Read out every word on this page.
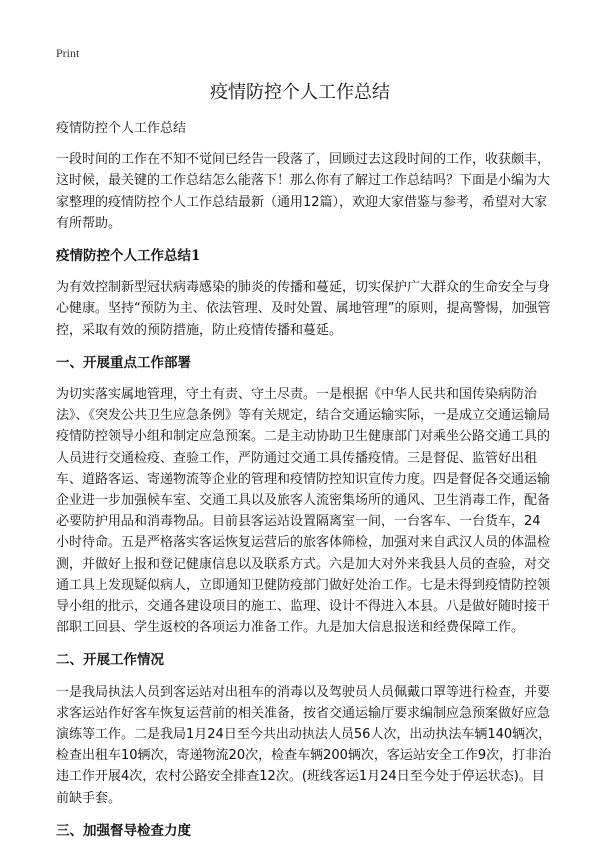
Print
疫情防控个人工作总结

疫情防控个人工作总结

一段时间的工作在不知不觉间已经告一段落了，回顾过去这段时间的工作，收获颇丰，这时候，最关键的工作总结怎么能落下！那么你有了解过工作总结吗？下面是小编为大家整理的疫情防控个人工作总结最新（通用12篇），欢迎大家借鉴与参考，希望对大家有所帮助。

疫情防控个人工作总结1

为有效控制新型冠状病毒感染的肺炎的传播和蔓延，切实保护广大群众的生命安全与身心健康。坚持“预防为主、依法管理、及时处置、属地管理”的原则，提高警惕，加强管控，采取有效的预防措施，防止疫情传播和蔓延。

一、开展重点工作部署

为切实落实属地管理，守土有责、守土尽责。一是根据《中华人民共和国传染病防治法》、《突发公共卫生应急条例》等有关规定，结合交通运输实际，一是成立交通运输局疫情防控领导小组和制定应急预案。二是主动协助卫生健康部门对乘坐公路交通工具的人员进行交通检疫、查验工作，严防通过交通工具传播疫情。三是督促、监管好出租车、道路客运、寄递物流等企业的管理和疫情防控知识宣传力度。四是督促各交通运输企业进一步加强候车室、交通工具以及旅客人流密集场所的通风、卫生消毒工作，配备必要防护用品和消毒物品。目前县客运站设置隔离室一间，一台客车、一台货车，24小时待命。五是严格落实客运恢复运营后的旅客体筛检，加强对来自武汉人员的体温检测，并做好上报和登记健康信息以及联系方式。六是加大对外来我县人员的查验，对交通工具上发现疑似病人，立即通知卫健防疫部门做好处治工作。七是未得到疫情防控领导小组的批示，交通各建设项目的施工、监理、设计不得进入本县。八是做好随时接干部职工回县、学生返校的各项运力准备工作。九是加大信息报送和经费保障工作。

二、开展工作情况

一是我局执法人员到客运站对出租车的消毒以及驾驶员人员佩戴口罩等进行检查，并要求客运站作好客车恢复运营前的相关准备，按省交通运输厅要求编制应急预案做好应急演练等工作。二是我局1月24日至今共出动执法人员56人次，出动执法车辆140辆次，检查出租车10辆次，寄递物流20次，检查车辆200辆次，客运站安全工作9次，打非治违工作开展4次，农村公路安全排查12次。(班线客运1月24日至今处于停运状态)。目前缺手套。

三、加强督导检查力度
